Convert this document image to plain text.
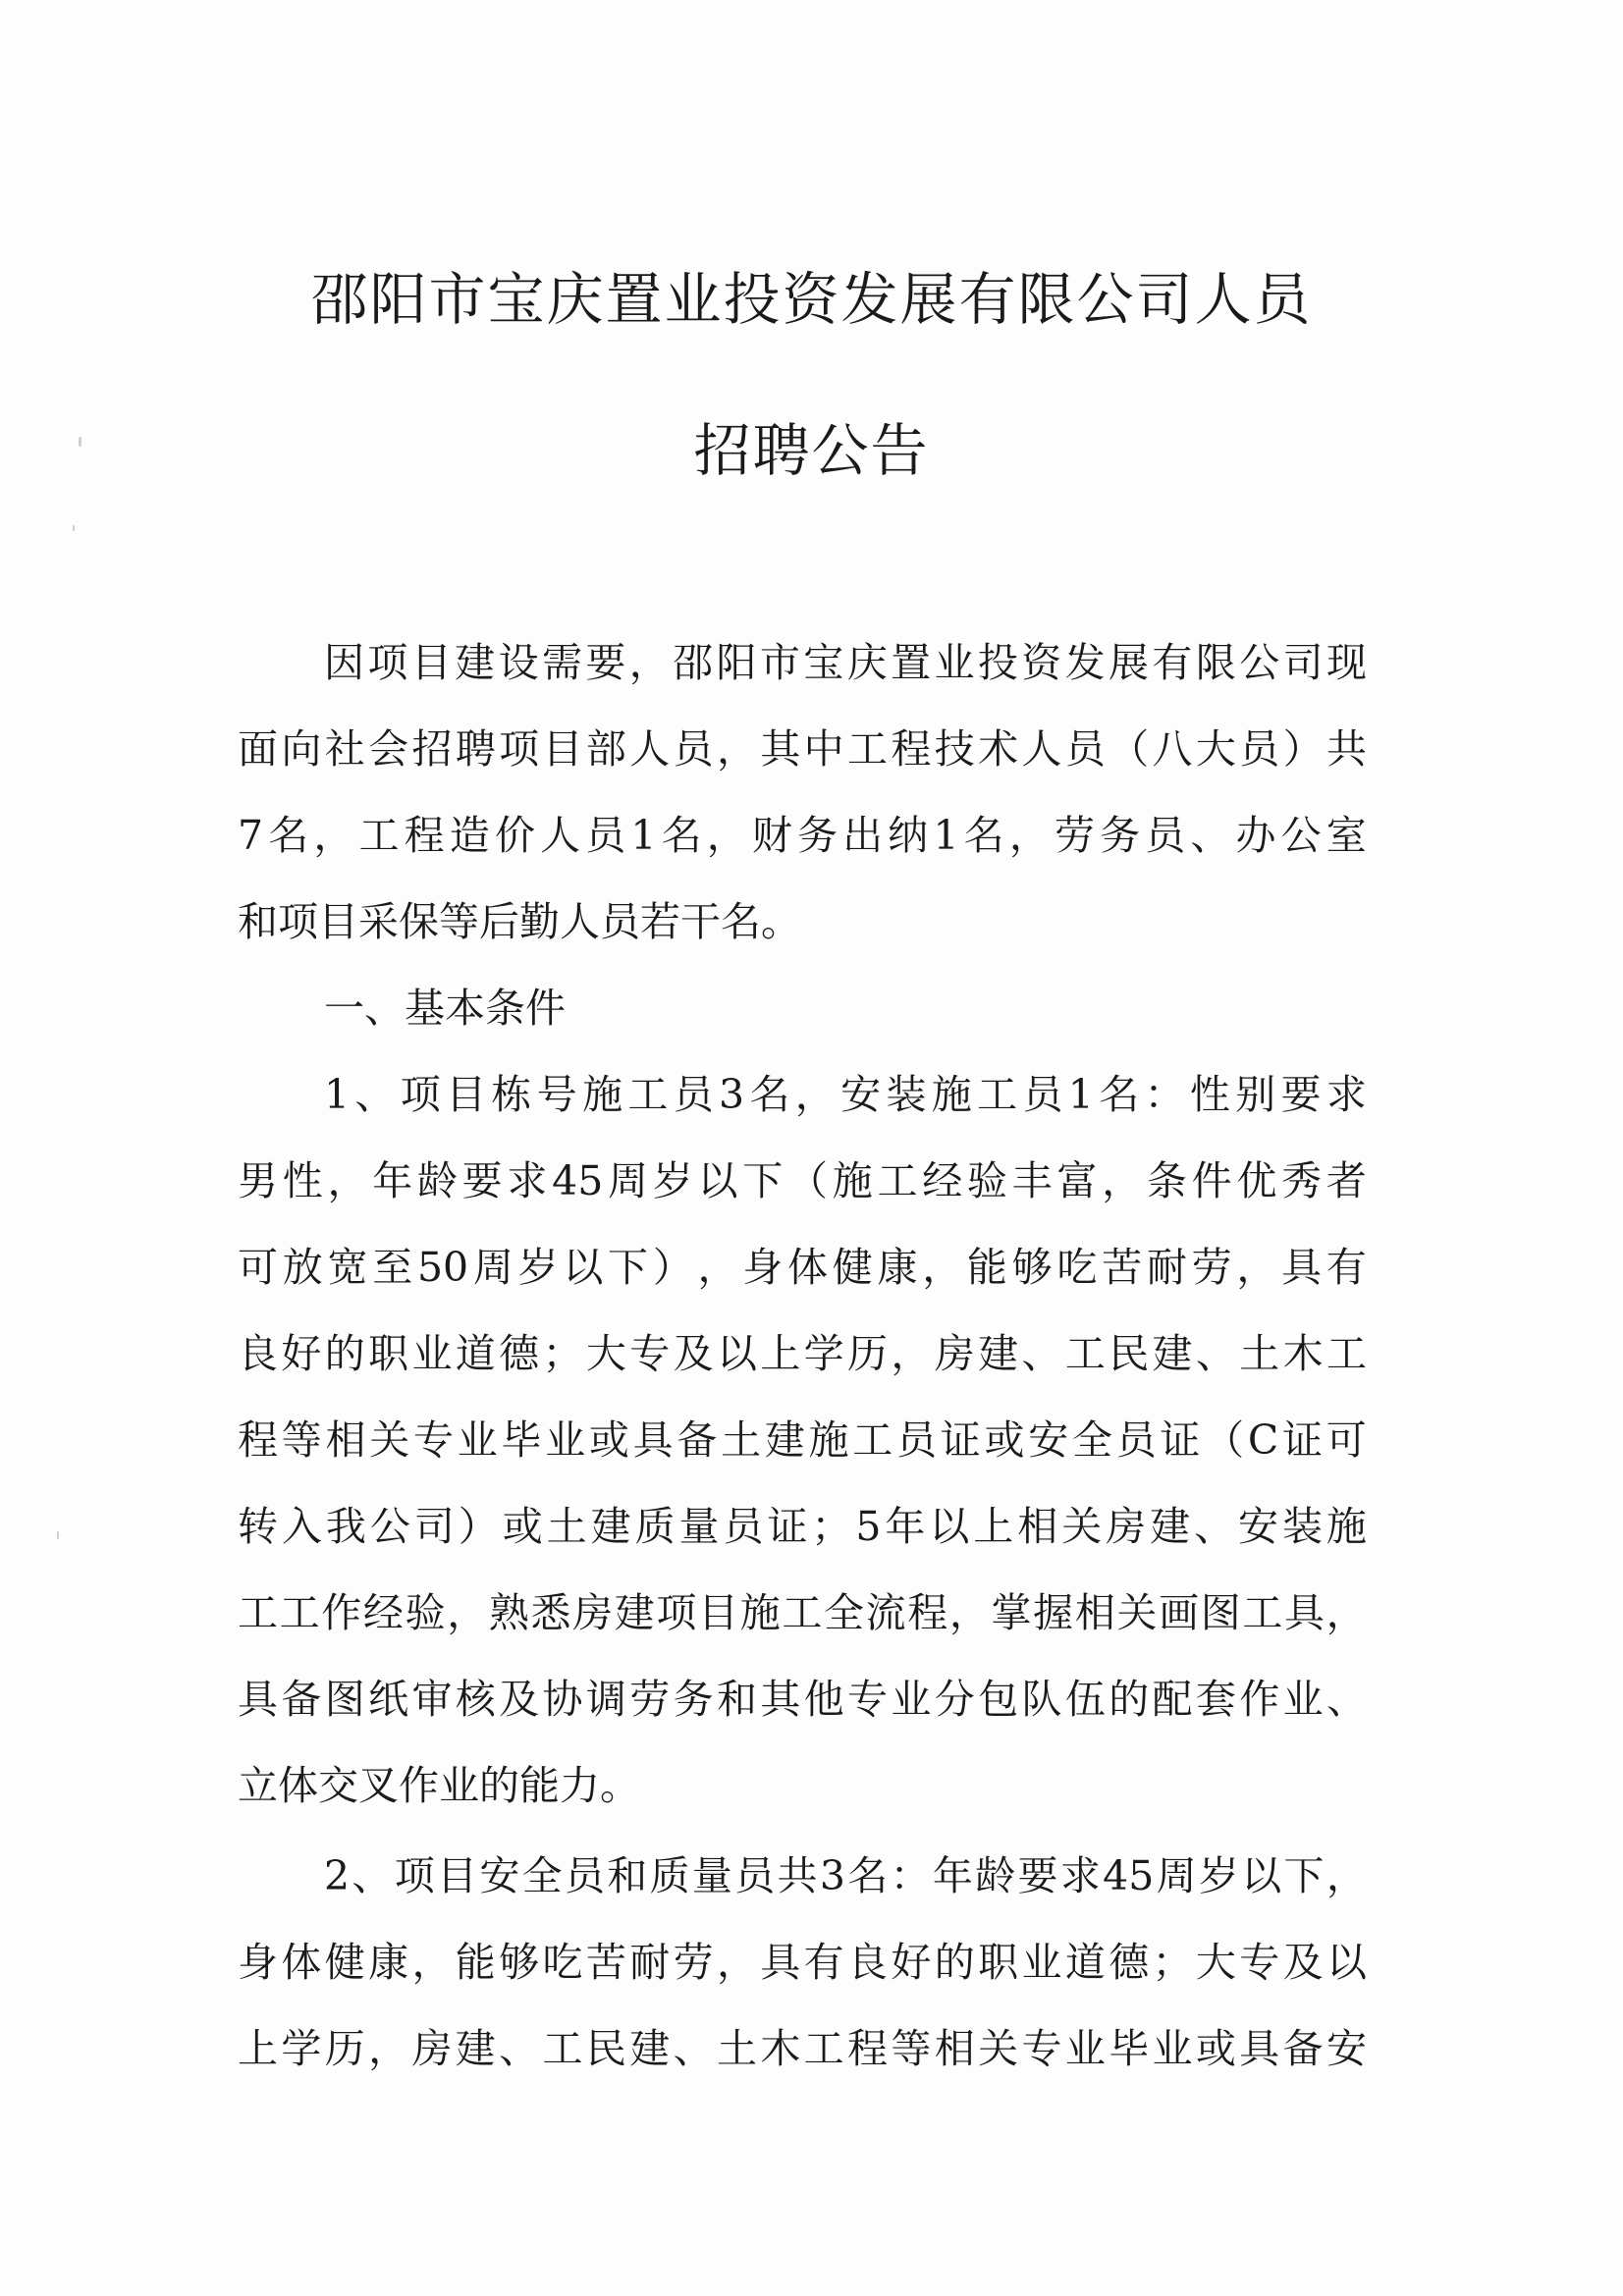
邵阳市宝庆置业投资发展有限公司人员
招聘公告
因 项 目 建 设 需 要 ， 邵 阳 市 宝 庆 置 业 投 资 发 展 有 限 公 司 现
面 向 社 会 招 聘 项 目 部 人 员 ， 其 中 工 程 技 术 人 员 （ 八 大 员 ） 共
7 名 ， 工 程 造 价 人 员 1 名 ， 财 务 出 纳 1 名 ， 劳 务 员 、 办 公 室
和项目采保等后勤人员若干名。
一、基本条件
1 、 项 目 栋 号 施 工 员 3 名 ， 安 装 施 工 员 1 名 ： 性 别 要 求
男 性 ， 年 龄 要 求 45 周 岁 以 下 （ 施 工 经 验 丰 富 ， 条 件 优 秀 者
可 放 宽 至 50 周 岁 以 下 ） ， 身 体 健 康 ， 能 够 吃 苦 耐 劳 ， 具 有
良 好 的 职 业 道 德 ； 大 专 及 以 上 学 历 ， 房 建 、 工 民 建 、 土 木 工
程 等 相 关 专 业 毕 业 或 具 备 土 建 施 工 员 证 或 安 全 员 证 （ C 证 可
转 入 我 公 司 ） 或 土 建 质 量 员 证 ； 5 年 以 上 相 关 房 建 、 安 装 施
工 工 作 经 验 ， 熟 悉 房 建 项 目 施 工 全 流 程 ， 掌 握 相 关 画 图 工 具 ，
具 备 图 纸 审 核 及 协 调 劳 务 和 其 他 专 业 分 包 队 伍 的 配 套 作 业 、
立体交叉作业的能力。
2 、 项 目 安 全 员 和 质 量 员 共 3 名 ： 年 龄 要 求 45 周 岁 以 下 ，
身 体 健 康 ， 能 够 吃 苦 耐 劳 ， 具 有 良 好 的 职 业 道 德 ； 大 专 及 以
上 学 历 ， 房 建 、 工 民 建 、 土 木 工 程 等 相 关 专 业 毕 业 或 具 备 安
